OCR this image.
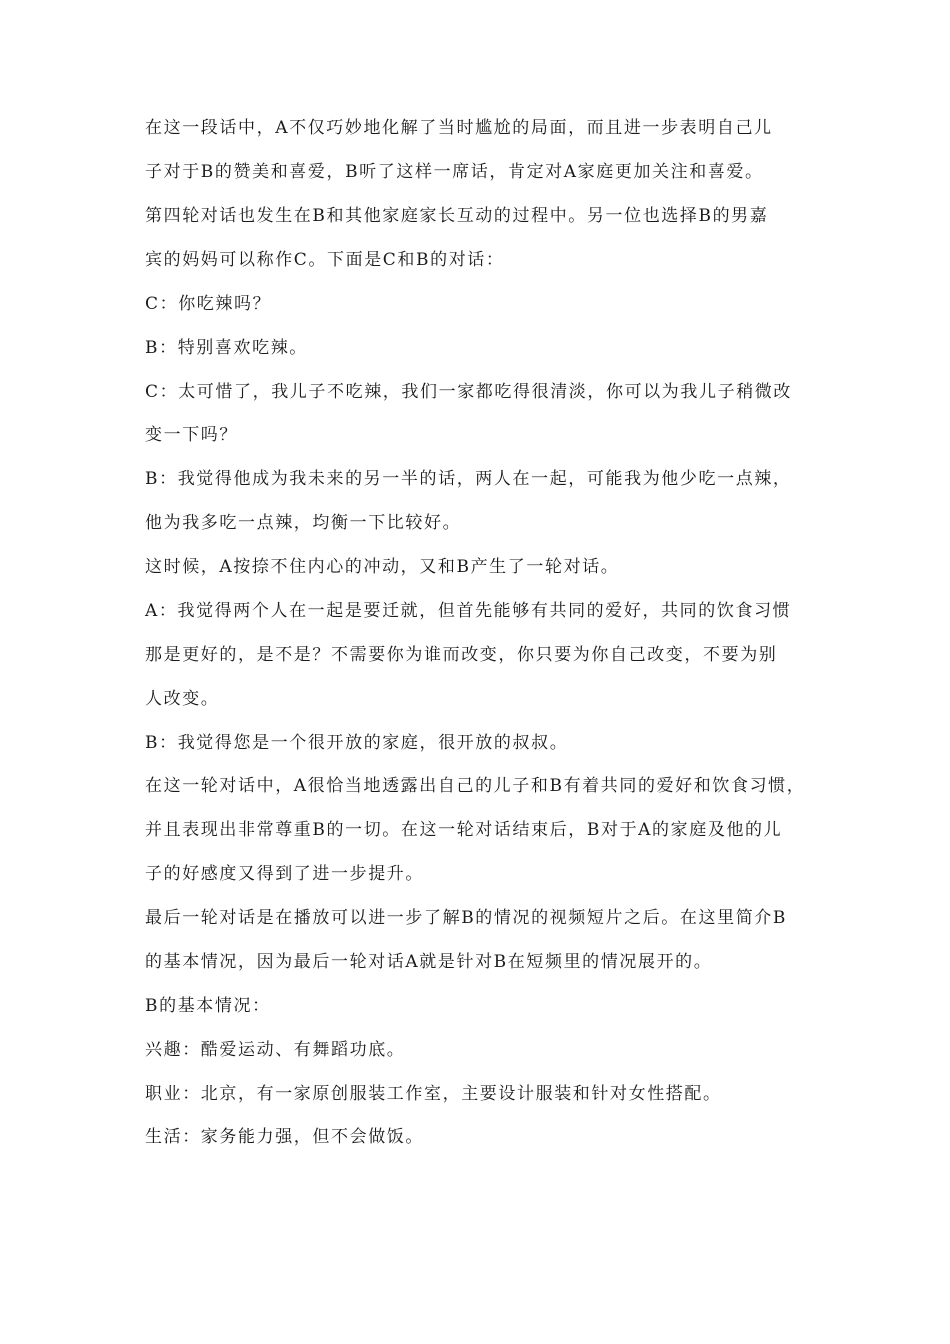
在这一段话中，A不仅巧妙地化解了当时尴尬的局面，而且进一步表明自己儿
子对于B的赞美和喜爱，B听了这样一席话，肯定对A家庭更加关注和喜爱。
第四轮对话也发生在B和其他家庭家长互动的过程中。另一位也选择B的男嘉
宾的妈妈可以称作C。下面是C和B的对话：
C：你吃辣吗？
B：特别喜欢吃辣。
C：太可惜了，我儿子不吃辣，我们一家都吃得很清淡，你可以为我儿子稍微改
变一下吗？
B：我觉得他成为我未来的另一半的话，两人在一起，可能我为他少吃一点辣，
他为我多吃一点辣，均衡一下比较好。
这时候，A按捺不住内心的冲动，又和B产生了一轮对话。
A：我觉得两个人在一起是要迁就，但首先能够有共同的爱好，共同的饮食习惯
那是更好的，是不是？不需要你为谁而改变，你只要为你自己改变，不要为别
人改变。
B：我觉得您是一个很开放的家庭，很开放的叔叔。
在这一轮对话中，A很恰当地透露出自己的儿子和B有着共同的爱好和饮食习惯，
并且表现出非常尊重B的一切。在这一轮对话结束后，B对于A的家庭及他的儿
子的好感度又得到了进一步提升。
最后一轮对话是在播放可以进一步了解B的情况的视频短片之后。在这里简介B
的基本情况，因为最后一轮对话A就是针对B在短频里的情况展开的。
B的基本情况：
兴趣：酷爱运动、有舞蹈功底。
职业：北京，有一家原创服装工作室，主要设计服装和针对女性搭配。
生活：家务能力强，但不会做饭。
